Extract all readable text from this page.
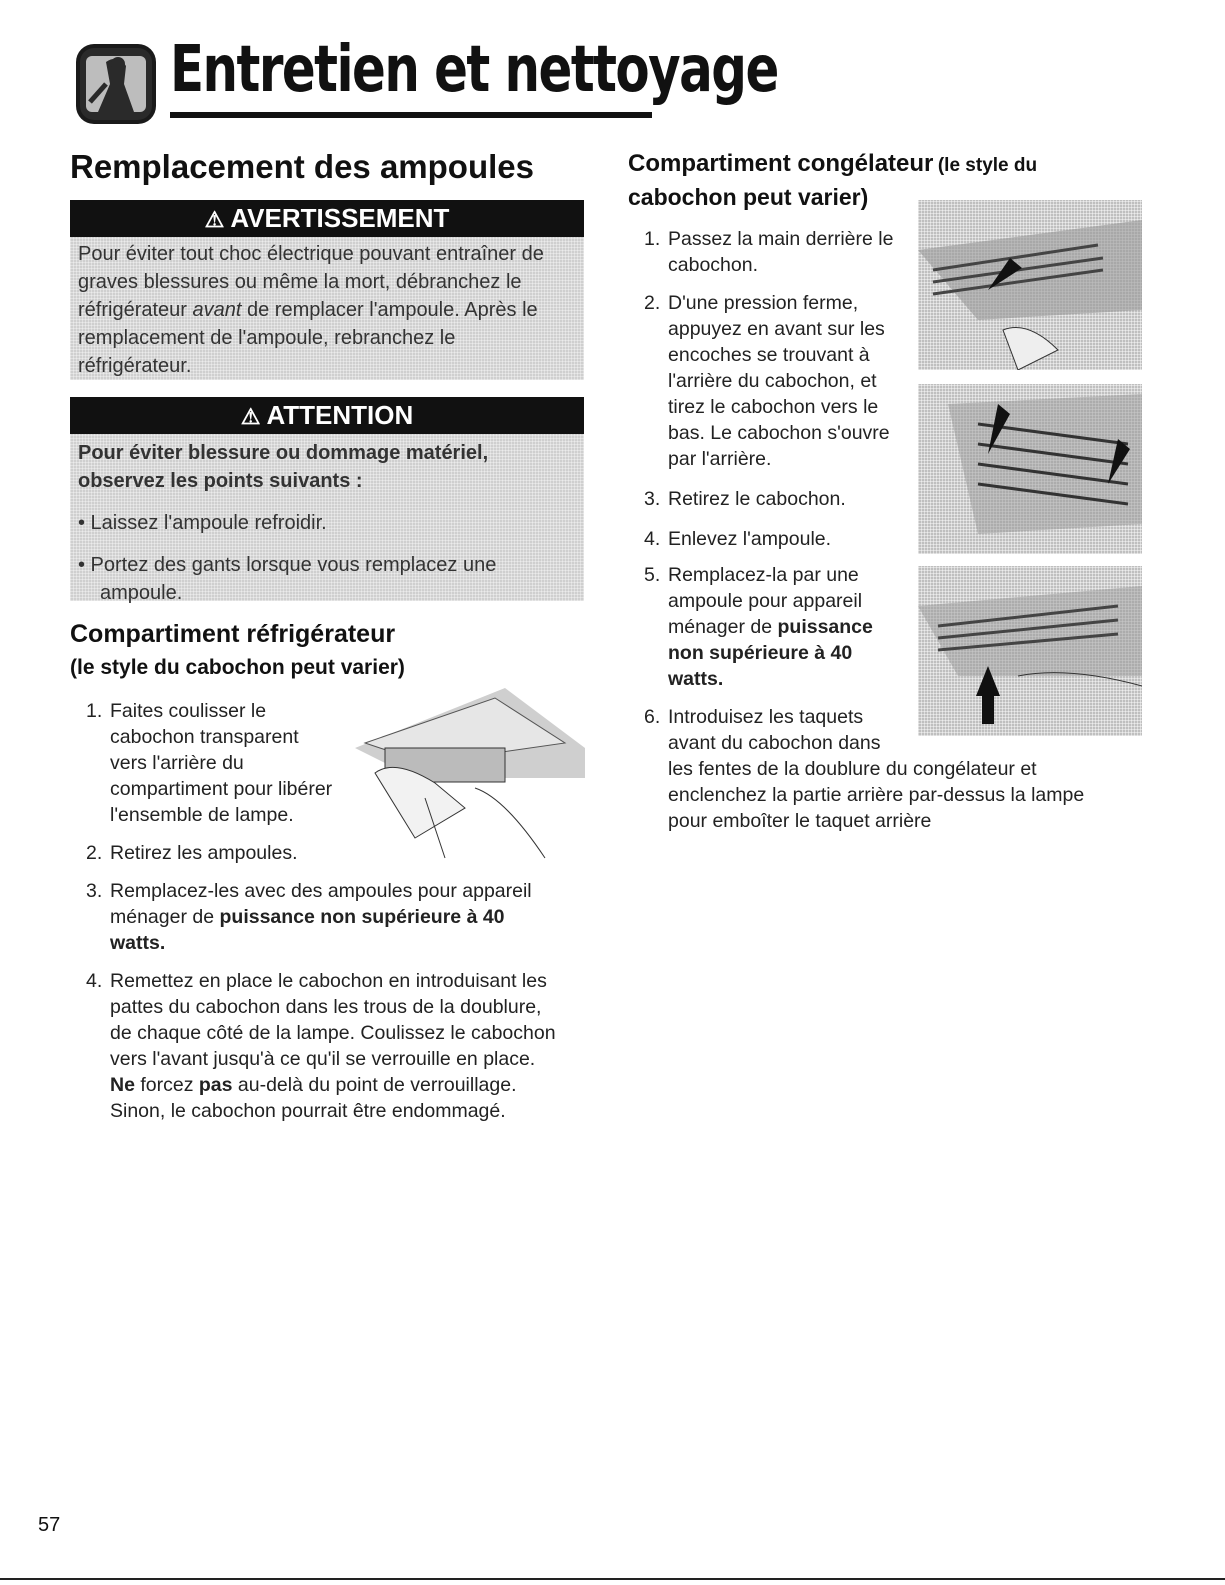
Entretien et nettoyage
Remplacement des ampoules
⚠ AVERTISSEMENT

Pour éviter tout choc électrique pouvant entraîner de

graves blessures ou même la mort, débranchez le

réfrigérateur avant de remplacer l'ampoule. Après le

remplacement de l'ampoule, rebranchez le

réfrigérateur.

⚠ ATTENTION

Pour éviter blessure ou dommage matériel,

observez les points suivants :

• Laissez l'ampoule refroidir.

• Portez des gants lorsque vous remplacez une

ampoule.

Compartiment réfrigérateur
(le style du cabochon peut varier)
1. Faites coulisser le
cabochon transparent
vers l'arrière du
compartiment pour libérer
l'ensemble de lampe.
2. Retirez les ampoules.
3. Remplacez-les avec des ampoules pour appareil
ménager de puissance non supérieure à 40
watts.
4. Remettez en place le cabochon en introduisant les
pattes du cabochon dans les trous de la doublure,
de chaque côté de la lampe. Coulissez le cabochon
vers l'avant jusqu'à ce qu'il se verrouille en place.
Ne forcez pas au-delà du point de verrouillage.
Sinon, le cabochon pourrait être endommagé.
Compartiment congélateur (le style du
cabochon peut varier)
1. Passez la main derrière le
cabochon.
2. D'une pression ferme,
appuyez en avant sur les
encoches se trouvant à
l'arrière du cabochon, et
tirez le cabochon vers le
bas. Le cabochon s'ouvre
par l'arrière.
3. Retirez le cabochon.
4. Enlevez l'ampoule.
5. Remplacez-la par une
ampoule pour appareil
ménager de puissance
non supérieure à 40
watts.
6. Introduisez les taquets
avant du cabochon dans
les fentes de la doublure du congélateur et
enclenchez la partie arrière par-dessus la lampe
pour emboîter le taquet arrière
57
